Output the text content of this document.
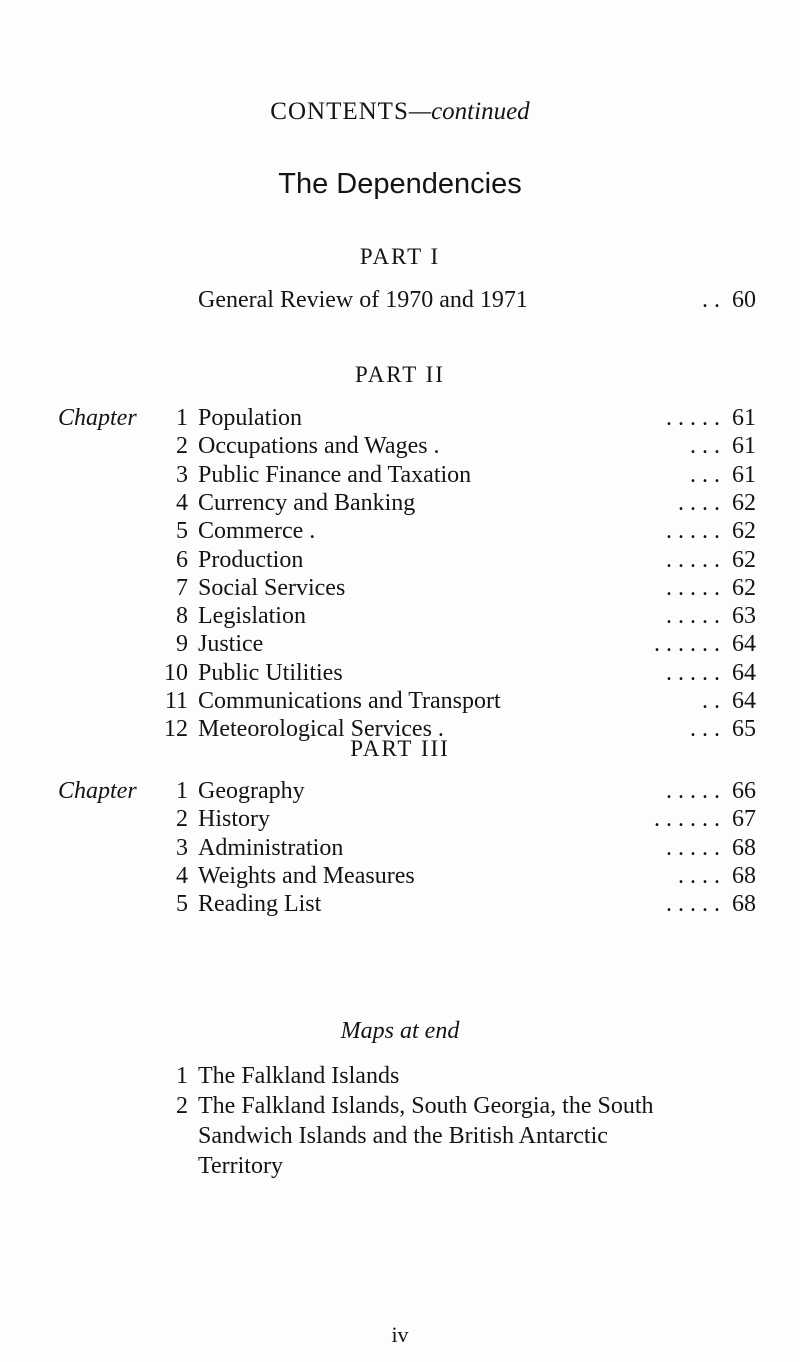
CONTENTS—continued
The Dependencies
PART I
General Review of 1970 and 1971	. . 60
PART II
Chapter 1 Population	. . . . . 61
2 Occupations and Wages .	. . . 61
3 Public Finance and Taxation	. . . 61
4 Currency and Banking	. . . . 62
5 Commerce .	. . . . . 62
6 Production	. . . . . 62
7 Social Services	. . . . . 62
8 Legislation	. . . . . 63
9 Justice	. . . . . . 64
10 Public Utilities	. . . . . 64
11 Communications and Transport	. . 64
12 Meteorological Services .	. . . 65
PART III
Chapter 1 Geography	. . . . . 66
2 History	. . . . . . 67
3 Administration	. . . . . 68
4 Weights and Measures	. . . . 68
5 Reading List	. . . . . 68
Maps at end
1 The Falkland Islands
2 The Falkland Islands, South Georgia, the South
Sandwich Islands and the British Antarctic
Territory
iv
